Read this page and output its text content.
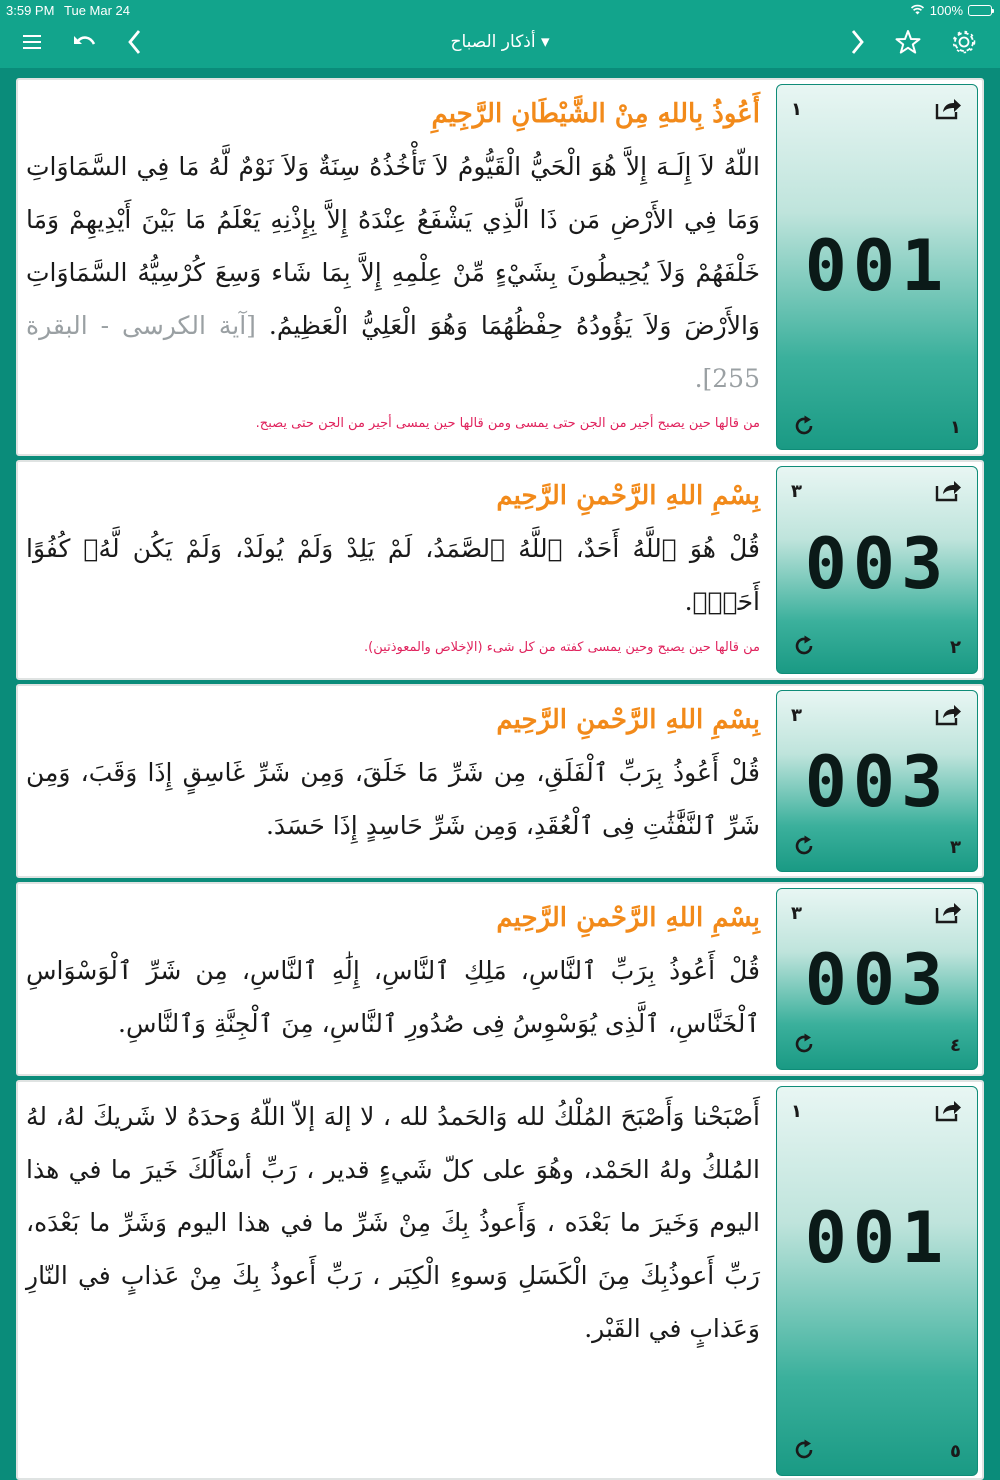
3:59 PM Tue Mar 24	100%
أذكار الصباح ▾
أَعُوذُ بِاللهِ مِنْ الشَّيْطَانِ الرَّجِيمِ
اللّهُ لاَ إِلَـهَ إِلاَّ هُوَ الْحَيُّ الْقَيُّومُ لاَ تَأْخُذُهُ سِنَةٌ وَلاَ نَوْمٌ لَّهُ مَا فِي السَّمَاوَاتِ وَمَا فِي الأَرْضِ مَن ذَا الَّذِي يَشْفَعُ عِنْدَهُ إِلاَّ بِإِذْنِهِ يَعْلَمُ مَا بَيْنَ أَيْدِيهِمْ وَمَا خَلْفَهُمْ وَلاَ يُحِيطُونَ بِشَيْءٍ مِّنْ عِلْمِهِ إِلاَّ بِمَا شَاء وَسِعَ كُرْسِيُّهُ السَّمَاوَاتِ وَالأَرْضَ وَلاَ يَؤُودُهُ حِفْظُهُمَا وَهُوَ الْعَلِيُّ الْعَظِيمُ. [آية الكرسى - البقرة 255].
من قالها حين يصبح أجير من الجن حتى يمسى ومن قالها حين يمسى أجير من الجن حتى يصبح.
١
001
١
بِسْمِ اللهِ الرَّحْمنِ الرَّحِيم
قُلْ هُوَ ٱللَّهُ أَحَدٌ، ٱللَّهُ ٱلصَّمَدُ، لَمْ يَلِدْ وَلَمْ يُولَدْ، وَلَمْ يَكُن لَّهُۥ كُفُوًا أَحَدٌۢ.
من قالها حين يصبح وحين يمسى كفته من كل شىء (الإخلاص والمعوذتين).
٣
003
٢
بِسْمِ اللهِ الرَّحْمنِ الرَّحِيم
قُلْ أَعُوذُ بِرَبِّ ٱلْفَلَقِ، مِن شَرِّ مَا خَلَقَ، وَمِن شَرِّ غَاسِقٍ إِذَا وَقَبَ، وَمِن شَرِّ ٱلنَّفَّٰثَٰتِ فِى ٱلْعُقَدِ، وَمِن شَرِّ حَاسِدٍ إِذَا حَسَدَ.
٣
003
٣
بِسْمِ اللهِ الرَّحْمنِ الرَّحِيم
قُلْ أَعُوذُ بِرَبِّ ٱلنَّاسِ، مَلِكِ ٱلنَّاسِ، إِلَٰهِ ٱلنَّاسِ، مِن شَرِّ ٱلْوَسْوَاسِ ٱلْخَنَّاسِ، ٱلَّذِى يُوَسْوِسُ فِى صُدُورِ ٱلنَّاسِ، مِنَ ٱلْجِنَّةِ وَٱلنَّاسِ.
٣
003
٤
أَصْبَحْنا وَأَصْبَحَ المُلْكُ لله وَالحَمدُ لله ، لا إلهَ إلاّ اللّهُ وَحدَهُ لا شَريكَ لهُ، لهُ المُلكُ ولهُ الحَمْد، وهُوَ على كلّ شَيءٍ قدير ، رَبِّ أسْأَلُكَ خَيرَ ما في هذا اليوم وَخَيرَ ما بَعْدَه ، وَأَعوذُ بِكَ مِنْ شَرِّ ما في هذا اليوم وَشَرِّ ما بَعْدَه، رَبِّ أَعوذُبِكَ مِنَ الْكَسَلِ وَسوءِ الْكِبَر ، رَبِّ أَعوذُ بِكَ مِنْ عَذابٍ في النّارِ وَعَذابٍ في القَبْر.
١
001
٥
